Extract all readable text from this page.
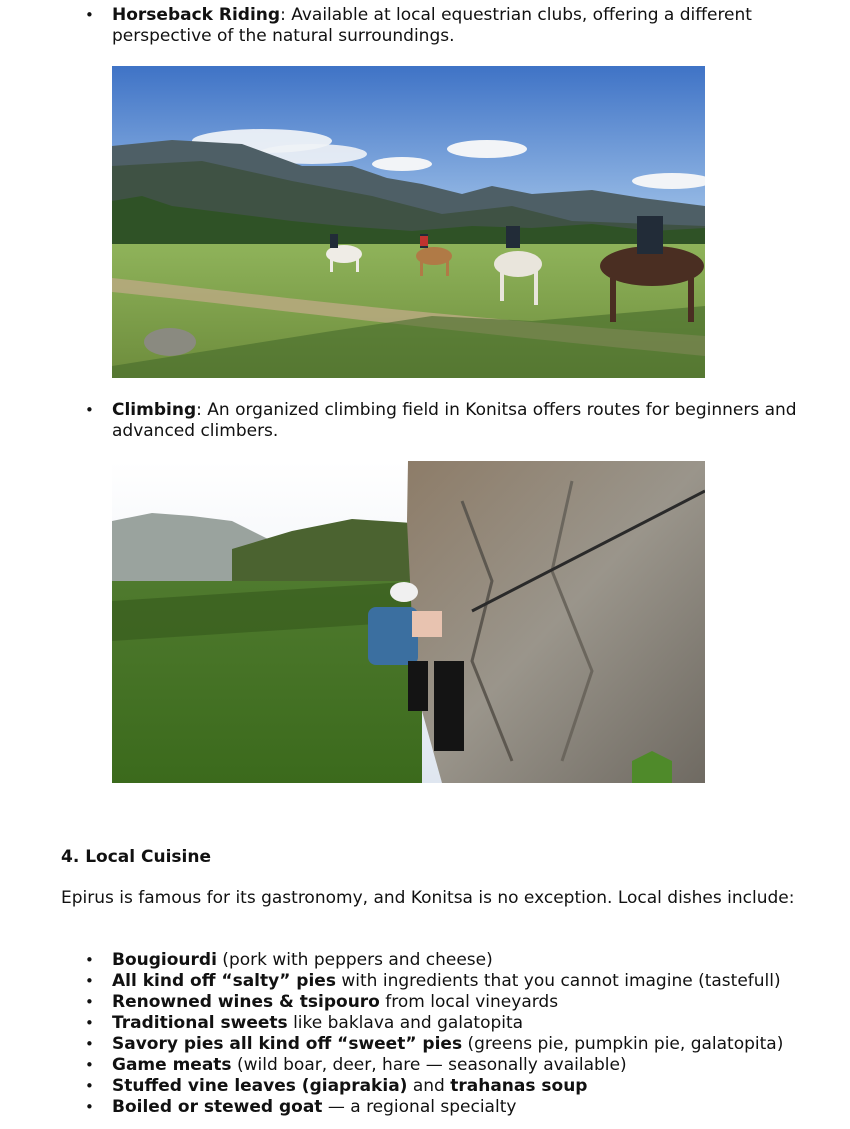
• Horseback Riding: Available at local equestrian clubs, offering a different perspective of the natural surroundings.
• Climbing: An organized climbing field in Konitsa offers routes for beginners and advanced climbers.
4. Local Cuisine
Epirus is famous for its gastronomy, and Konitsa is no exception. Local dishes include:
• Bougiourdi (pork with peppers and cheese)
• All kind off “salty” pies with ingredients that you cannot imagine (tastefull)
• Renowned wines & tsipouro from local vineyards
• Traditional sweets like baklava and galatopita
• Savory pies all kind off “sweet” pies (greens pie, pumpkin pie, galatopita)
• Game meats (wild boar, deer, hare — seasonally available)
• Stuffed vine leaves (giaprakia) and trahanas soup
• Boiled or stewed goat — a regional specialty
